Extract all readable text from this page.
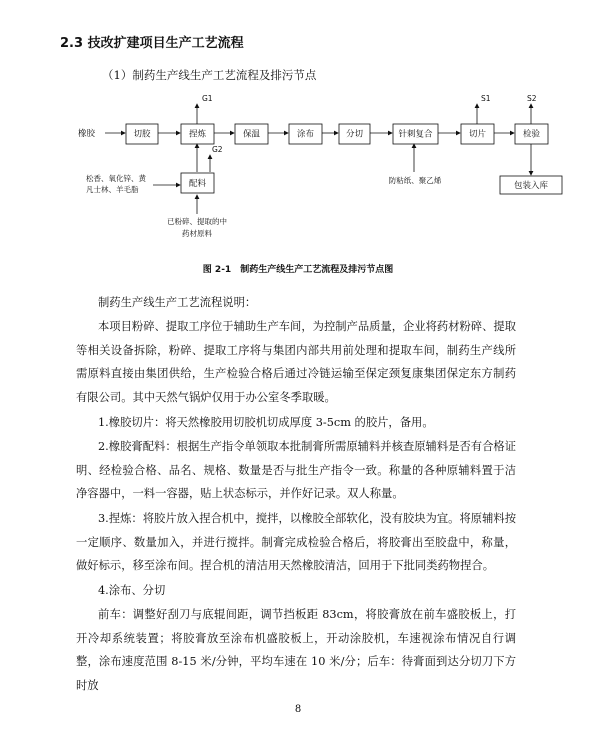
2.3 技改扩建项目生产工艺流程
（1）制药生产线生产工艺流程及排污节点
橡胶	切胶	捏炼	保温	涂布	分切	针刺复合	切片	检验
配料	包装入库
G1
G2
S1	S2
松香、氧化锌、黄
凡士林、羊毛脂
已粉碎、提取的中
药材原料
防粘纸、聚乙烯
图 2-1　制药生产线生产工艺流程及排污节点图
制药生产线生产工艺流程说明：
本项目粉碎、提取工序位于辅助生产车间，为控制产品质量，企业将药材粉碎、提取等相关设备拆除，粉碎、提取工序将与集团内部共用前处理和提取车间，制药生产线所需原料直接由集团供给，生产检验合格后通过冷链运输至保定颈复康集团保定东方制药有限公司。其中天然气锅炉仅用于办公室冬季取暖。
1.橡胶切片：将天然橡胶用切胶机切成厚度 3-5cm 的胶片，备用。
2.橡胶膏配料：根据生产指令单领取本批制膏所需原辅料并核查原辅料是否有合格证明、经检验合格、品名、规格、数量是否与批生产指令一致。称量的各种原辅料置于洁净容器中，一料一容器，贴上状态标示，并作好记录。双人称量。
3.捏炼：将胶片放入捏合机中，搅拌，以橡胶全部软化，没有胶块为宜。将原辅料按一定顺序、数量加入，并进行搅拌。制膏完成检验合格后，将胶膏出至胶盘中，称量，做好标示，移至涂布间。捏合机的清洁用天然橡胶清洁，回用于下批同类药物捏合。
4.涂布、分切
前车：调整好刮刀与底辊间距，调节挡板距 83cm，将胶膏放在前车盛胶板上，打开冷却系统装置；将胶膏放至涂布机盛胶板上，开动涂胶机，车速视涂布情况自行调整，涂布速度范围 8-15 米/分钟，平均车速在 10 米/分；后车：待膏面到达分切刀下方时放
8
